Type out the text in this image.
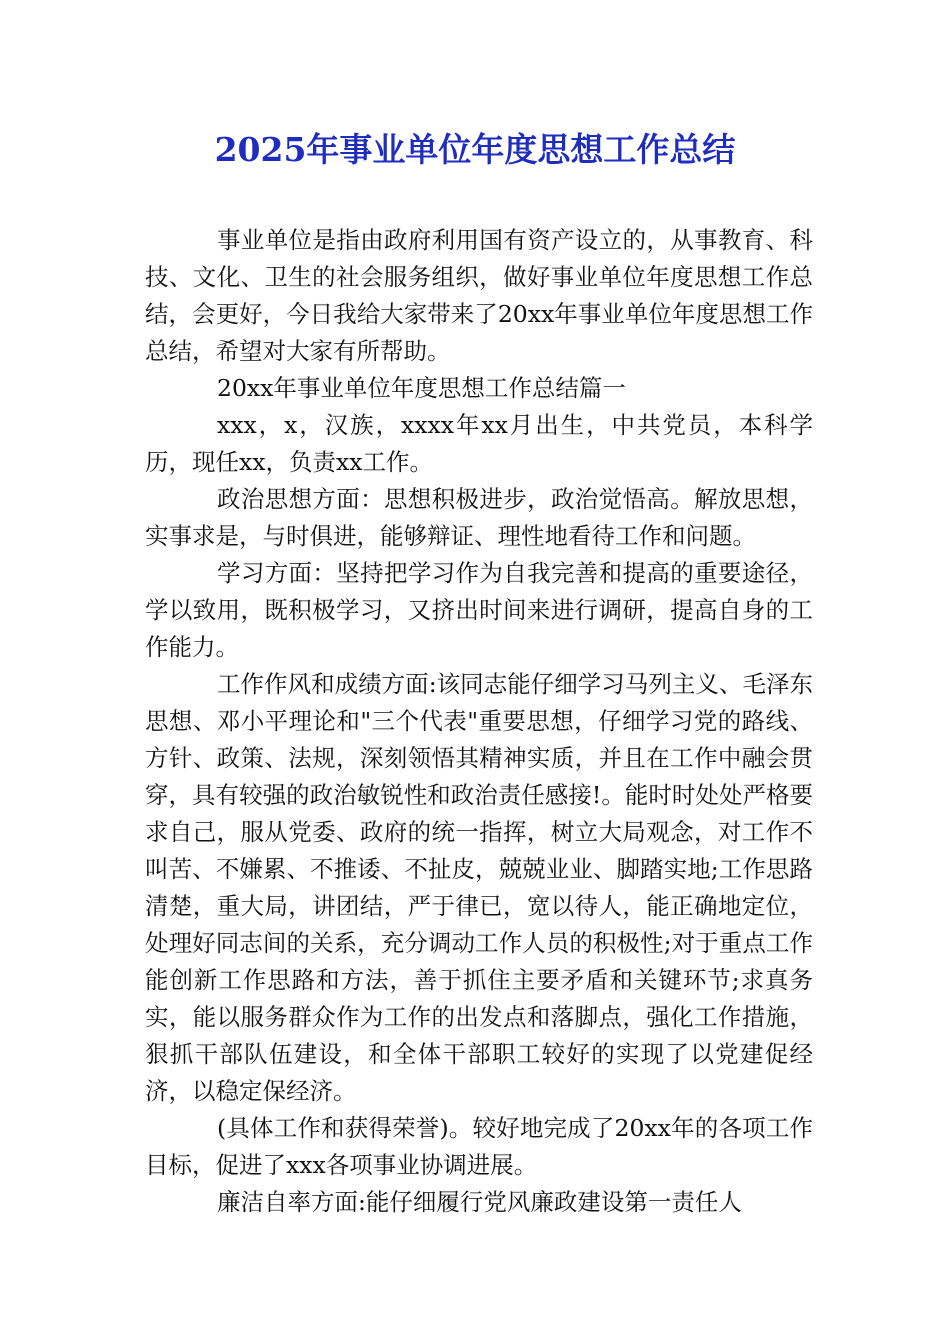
2025年事业单位年度思想工作总结

事业单位是指由政府利用国有资产设立的，从事教育、科技、文化、卫生的社会服务组织，做好事业单位年度思想工作总结，会更好，今日我给大家带来了20xx年事业单位年度思想工作总结，希望对大家有所帮助。

20xx年事业单位年度思想工作总结篇一

xxx，x，汉族，xxxx年xx月出生，中共党员，本科学历，现任xx，负责xx工作。

政治思想方面：思想积极进步，政治觉悟高。解放思想，实事求是，与时俱进，能够辩证、理性地看待工作和问题。

学习方面：坚持把学习作为自我完善和提高的重要途径，学以致用，既积极学习，又挤出时间来进行调研，提高自身的工作能力。

工作作风和成绩方面:该同志能仔细学习马列主义、毛泽东思想、邓小平理论和"三个代表"重要思想，仔细学习党的路线、方针、政策、法规，深刻领悟其精神实质，并且在工作中融会贯穿，具有较强的政治敏锐性和政治责任感接!。能时时处处严格要求自己，服从党委、政府的统一指挥，树立大局观念，对工作不叫苦、不嫌累、不推诿、不扯皮，兢兢业业、脚踏实地;工作思路清楚，重大局，讲团结，严于律已，宽以待人，能正确地定位，处理好同志间的关系，充分调动工作人员的积极性;对于重点工作能创新工作思路和方法，善于抓住主要矛盾和关键环节;求真务实，能以服务群众作为工作的出发点和落脚点，强化工作措施，狠抓干部队伍建设，和全体干部职工较好的实现了以党建促经济，以稳定保经济。

(具体工作和获得荣誉)。较好地完成了20xx年的各项工作目标，促进了xxx各项事业协调进展。

廉洁自率方面:能仔细履行党风廉政建设第一责任人
